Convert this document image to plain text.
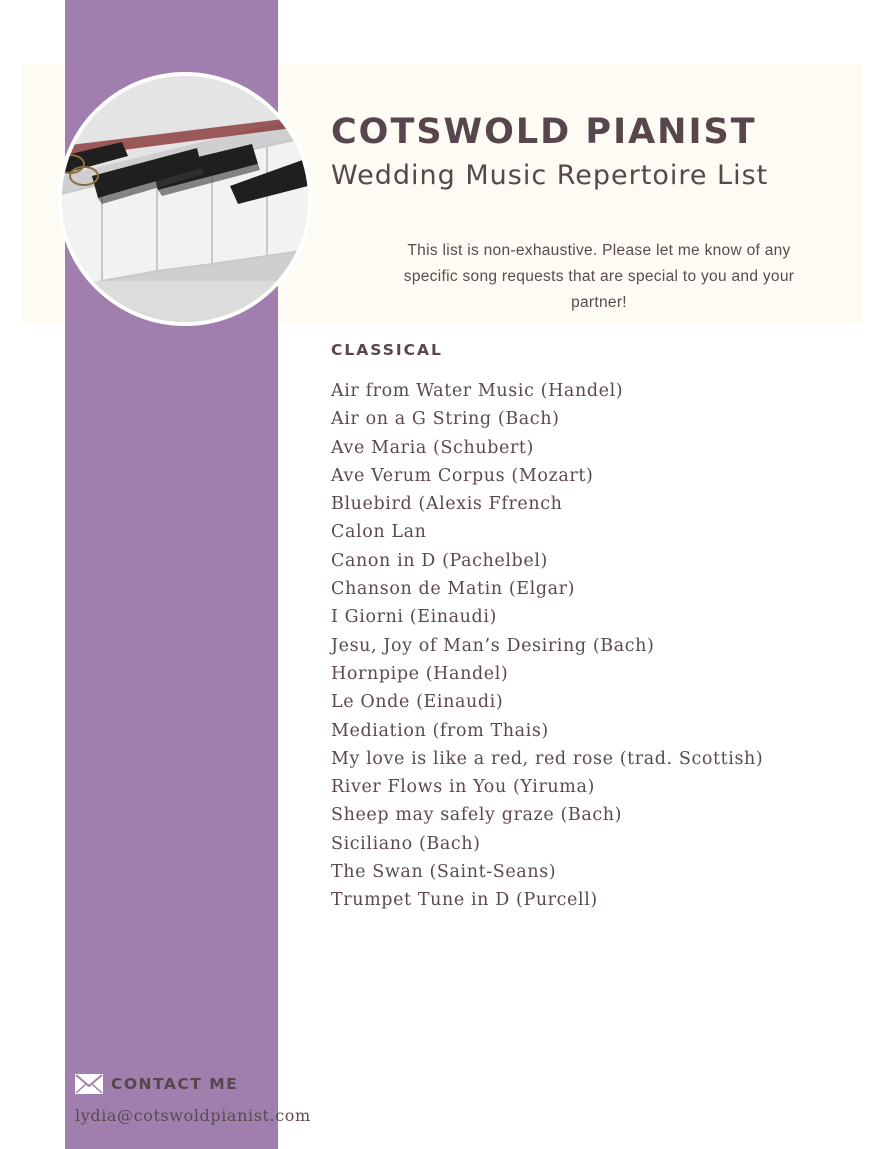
COTSWOLD PIANIST
Wedding Music Repertoire List

This list is non-exhaustive. Please let me know of any specific song requests that are special to you and your partner!

CLASSICAL
Air from Water Music (Handel)
Air on a G String (Bach)
Ave Maria (Schubert)
Ave Verum Corpus (Mozart)
Bluebird (Alexis Ffrench
Calon Lan
Canon in D (Pachelbel)
Chanson de Matin (Elgar)
I Giorni (Einaudi)
Jesu, Joy of Man’s Desiring (Bach)
Hornpipe (Handel)
Le Onde (Einaudi)
Mediation (from Thais)
My love is like a red, red rose (trad. Scottish)
River Flows in You (Yiruma)
Sheep may safely graze (Bach)
Siciliano (Bach)
The Swan (Saint-Seans)
Trumpet Tune in D (Purcell)
CONTACT ME

lydia@cotswoldpianist.com
